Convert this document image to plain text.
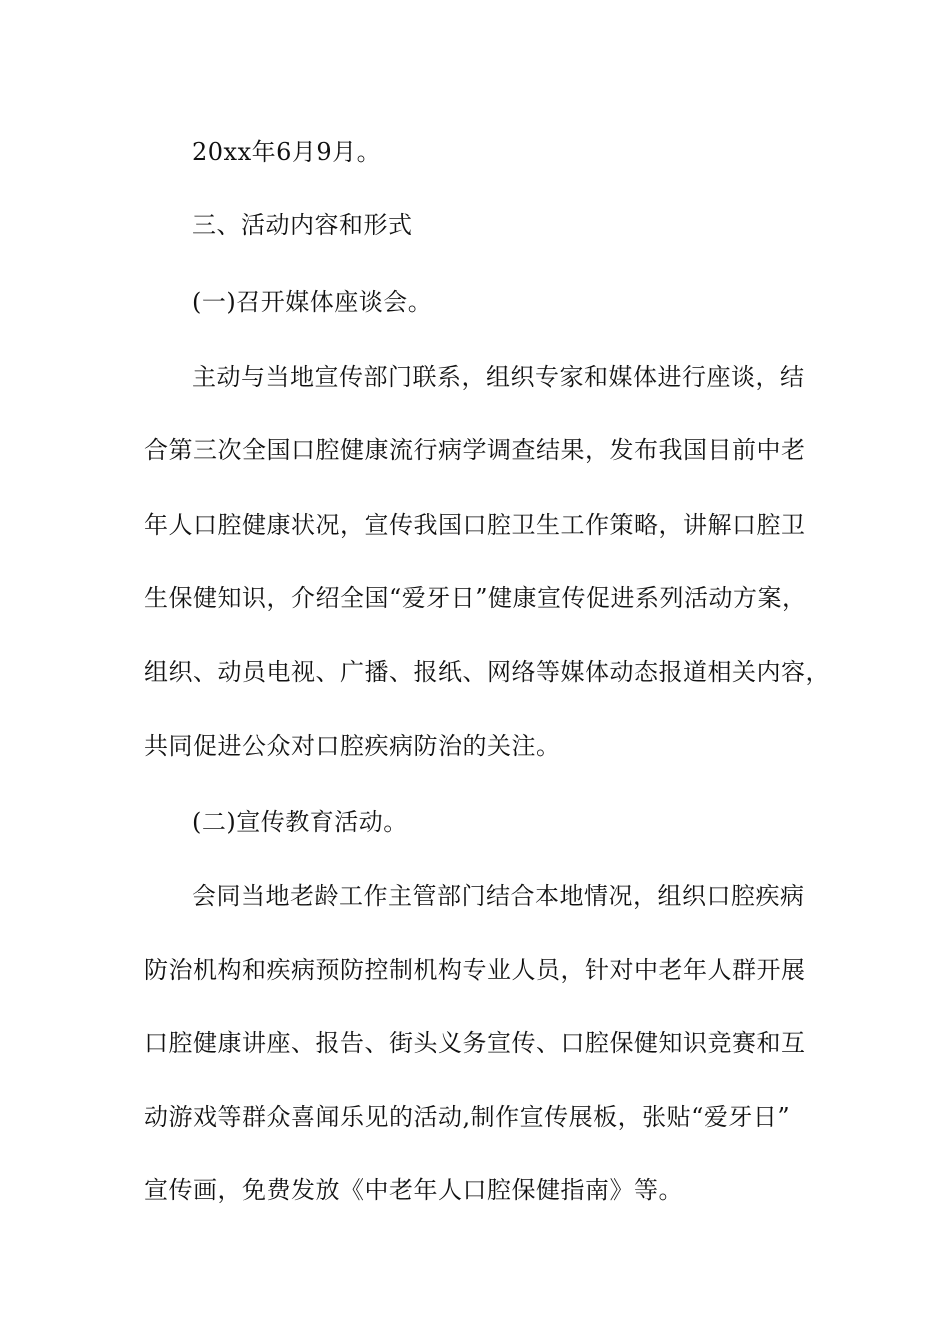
20xx年6月9月。
三、活动内容和形式
(一)召开媒体座谈会。
主动与当地宣传部门联系，组织专家和媒体进行座谈，结
合第三次全国口腔健康流行病学调查结果，发布我国目前中老
年人口腔健康状况，宣传我国口腔卫生工作策略，讲解口腔卫
生保健知识，介绍全国“爱牙日”健康宣传促进系列活动方案，
组织、动员电视、广播、报纸、网络等媒体动态报道相关内容，
共同促进公众对口腔疾病防治的关注。
(二)宣传教育活动。
会同当地老龄工作主管部门结合本地情况，组织口腔疾病
防治机构和疾病预防控制机构专业人员，针对中老年人群开展
口腔健康讲座、报告、街头义务宣传、口腔保健知识竞赛和互
动游戏等群众喜闻乐见的活动,制作宣传展板，张贴“爱牙日”
宣传画，免费发放《中老年人口腔保健指南》等。
